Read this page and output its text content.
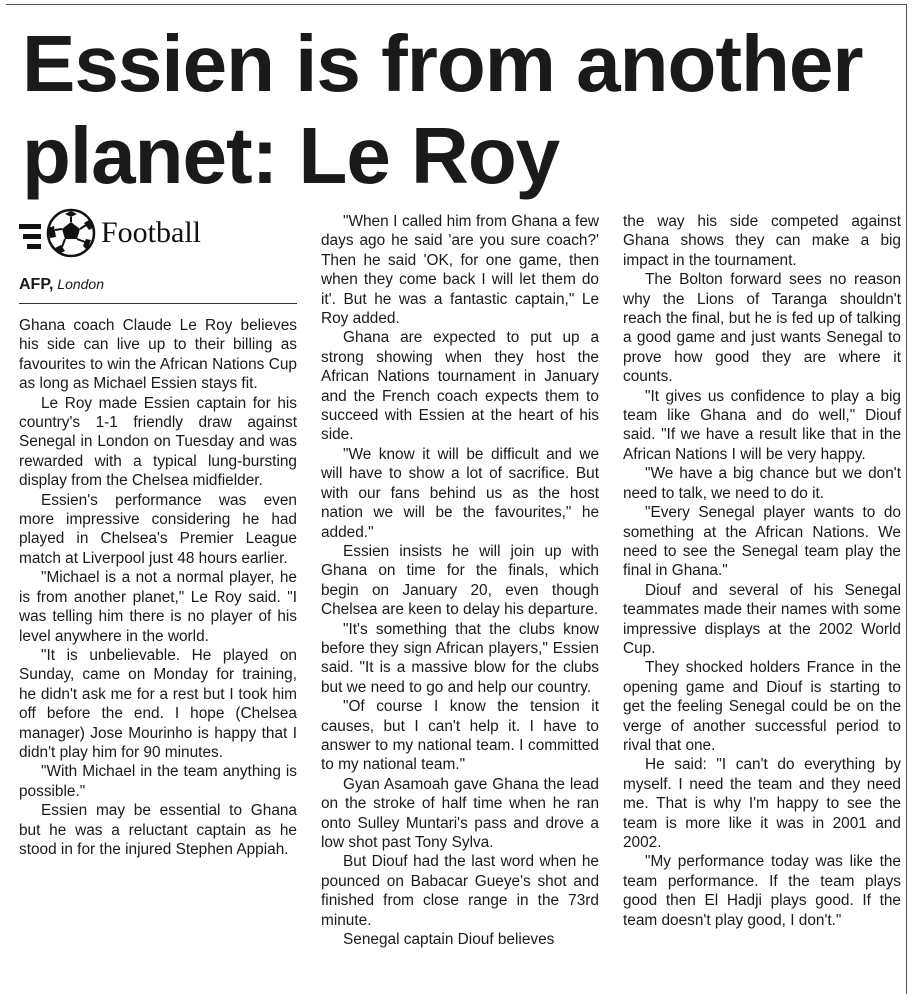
Essien is from another
planet: Le Roy
Football
AFP, London

Ghana coach Claude Le Roy believes his side can live up to their billing as favourites to win the African Nations Cup as long as Michael Essien stays fit.

Le Roy made Essien captain for his country's 1-1 friendly draw against Senegal in London on Tuesday and was rewarded with a typical lung-bursting display from the Chelsea midfielder.

Essien's performance was even more impressive considering he had played in Chelsea's Premier League match at Liverpool just 48 hours earlier.

"Michael is a not a normal player, he is from another planet," Le Roy said. "I was telling him there is no player of his level anywhere in the world.

"It is unbelievable. He played on Sunday, came on Monday for training, he didn't ask me for a rest but I took him off before the end. I hope (Chelsea manager) Jose Mourinho is happy that I didn't play him for 90 minutes.

"With Michael in the team anything is possible."

Essien may be essential to Ghana but he was a reluctant captain as he stood in for the injured Stephen Appiah.

"When I called him from Ghana a few days ago he said 'are you sure coach?' Then he said 'OK, for one game, then when they come back I will let them do it'. But he was a fantastic captain," Le Roy added.

Ghana are expected to put up a strong showing when they host the African Nations tournament in January and the French coach expects them to succeed with Essien at the heart of his side.

"We know it will be difficult and we will have to show a lot of sacrifice. But with our fans behind us as the host nation we will be the favourites," he added."

Essien insists he will join up with Ghana on time for the finals, which begin on January 20, even though Chelsea are keen to delay his departure.

"It's something that the clubs know before they sign African players," Essien said. "It is a massive blow for the clubs but we need to go and help our country.

"Of course I know the tension it causes, but I can't help it. I have to answer to my national team. I committed to my national team."

Gyan Asamoah gave Ghana the lead on the stroke of half time when he ran onto Sulley Muntari's pass and drove a low shot past Tony Sylva.

But Diouf had the last word when he pounced on Babacar Gueye's shot and finished from close range in the 73rd minute.

Senegal captain Diouf believes

the way his side competed against Ghana shows they can make a big impact in the tournament.

The Bolton forward sees no reason why the Lions of Taranga shouldn't reach the final, but he is fed up of talking a good game and just wants Senegal to prove how good they are where it counts.

"It gives us confidence to play a big team like Ghana and do well," Diouf said. "If we have a result like that in the African Nations I will be very happy.

"We have a big chance but we don't need to talk, we need to do it.

"Every Senegal player wants to do something at the African Nations. We need to see the Senegal team play the final in Ghana."

Diouf and several of his Senegal teammates made their names with some impressive displays at the 2002 World Cup.

They shocked holders France in the opening game and Diouf is starting to get the feeling Senegal could be on the verge of another successful period to rival that one.

He said: "I can't do everything by myself. I need the team and they need me. That is why I'm happy to see the team is more like it was in 2001 and 2002.

"My performance today was like the team performance. If the team plays good then El Hadji plays good. If the team doesn't play good, I don't."
